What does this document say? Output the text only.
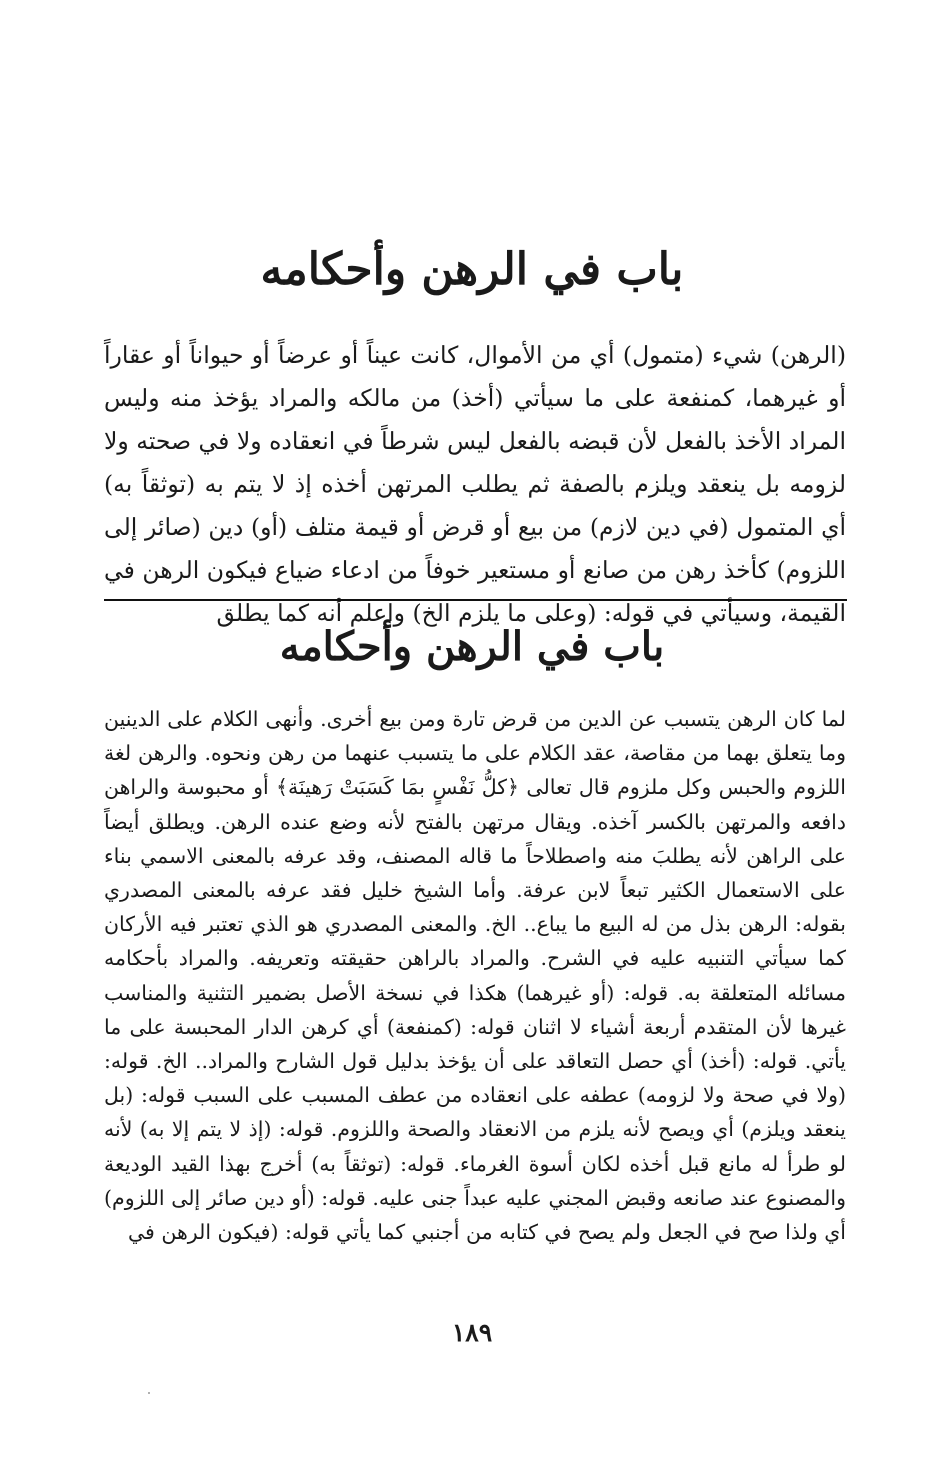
باب في الرهن وأحكامه

(الرهن) شيء (متمول) أي من الأموال، كانت عيناً أو عرضاً أو حيواناً أو عقاراً أو غيرهما، كمنفعة على ما سيأتي (أخذ) من مالكه والمراد يؤخذ منه وليس المراد الأخذ بالفعل لأن قبضه بالفعل ليس شرطاً في انعقاده ولا في صحته ولا لزومه بل ينعقد ويلزم بالصفة ثم يطلب المرتهن أخذه إذ لا يتم به (توثقاً به) أي المتمول (في دين لازم) من بيع أو قرض أو قيمة متلف (أو) دين (صائر إلى اللزوم) كأخذ رهن من صانع أو مستعير خوفاً من ادعاء ضياع فيكون الرهن في القيمة، وسيأتي في قوله: (وعلى ما يلزم الخ) واعلم أنه كما يطلق

باب في الرهن وأحكامه

لما كان الرهن يتسبب عن الدين من قرض تارة ومن بيع أخرى. وأنهى الكلام على الدينين وما يتعلق بهما من مقاصة، عقد الكلام على ما يتسبب عنهما من رهن ونحوه. والرهن لغة اللزوم والحبس وكل ملزوم قال تعالى ﴿كلُّ نَفْسٍ بمَا كَسَبَتْ رَهينَة﴾ أو محبوسة والراهن دافعه والمرتهن بالكسر آخذه. ويقال مرتهن بالفتح لأنه وضع عنده الرهن. ويطلق أيضاً على الراهن لأنه يطلبَ منه واصطلاحاً ما قاله المصنف، وقد عرفه بالمعنى الاسمي بناء على الاستعمال الكثير تبعاً لابن عرفة. وأما الشيخ خليل فقد عرفه بالمعنى المصدري بقوله: الرهن بذل من له البيع ما يباع.. الخ. والمعنى المصدري هو الذي تعتبر فيه الأركان كما سيأتي التنبيه عليه في الشرح. والمراد بالراهن حقيقته وتعريفه. والمراد بأحكامه مسائله المتعلقة به. قوله: (أو غيرهما) هكذا في نسخة الأصل بضمير التثنية والمناسب غيرها لأن المتقدم أربعة أشياء لا اثنان قوله: (كمنفعة) أي كرهن الدار المحبسة على ما يأتي. قوله: (أخذ) أي حصل التعاقد على أن يؤخذ بدليل قول الشارح والمراد.. الخ. قوله: (ولا في صحة ولا لزومه) عطفه على انعقاده من عطف المسبب على السبب قوله: (بل ينعقد ويلزم) أي ويصح لأنه يلزم من الانعقاد والصحة واللزوم. قوله: (إذ لا يتم إلا به) لأنه لو طرأ له مانع قبل أخذه لكان أسوة الغرماء. قوله: (توثقاً به) أخرج بهذا القيد الوديعة والمصنوع عند صانعه وقبض المجني عليه عبداً جنى عليه. قوله: (أو دين صائر إلى اللزوم) أي ولذا صح في الجعل ولم يصح في كتابه من أجنبي كما يأتي قوله: (فيكون الرهن في

١٨٩
